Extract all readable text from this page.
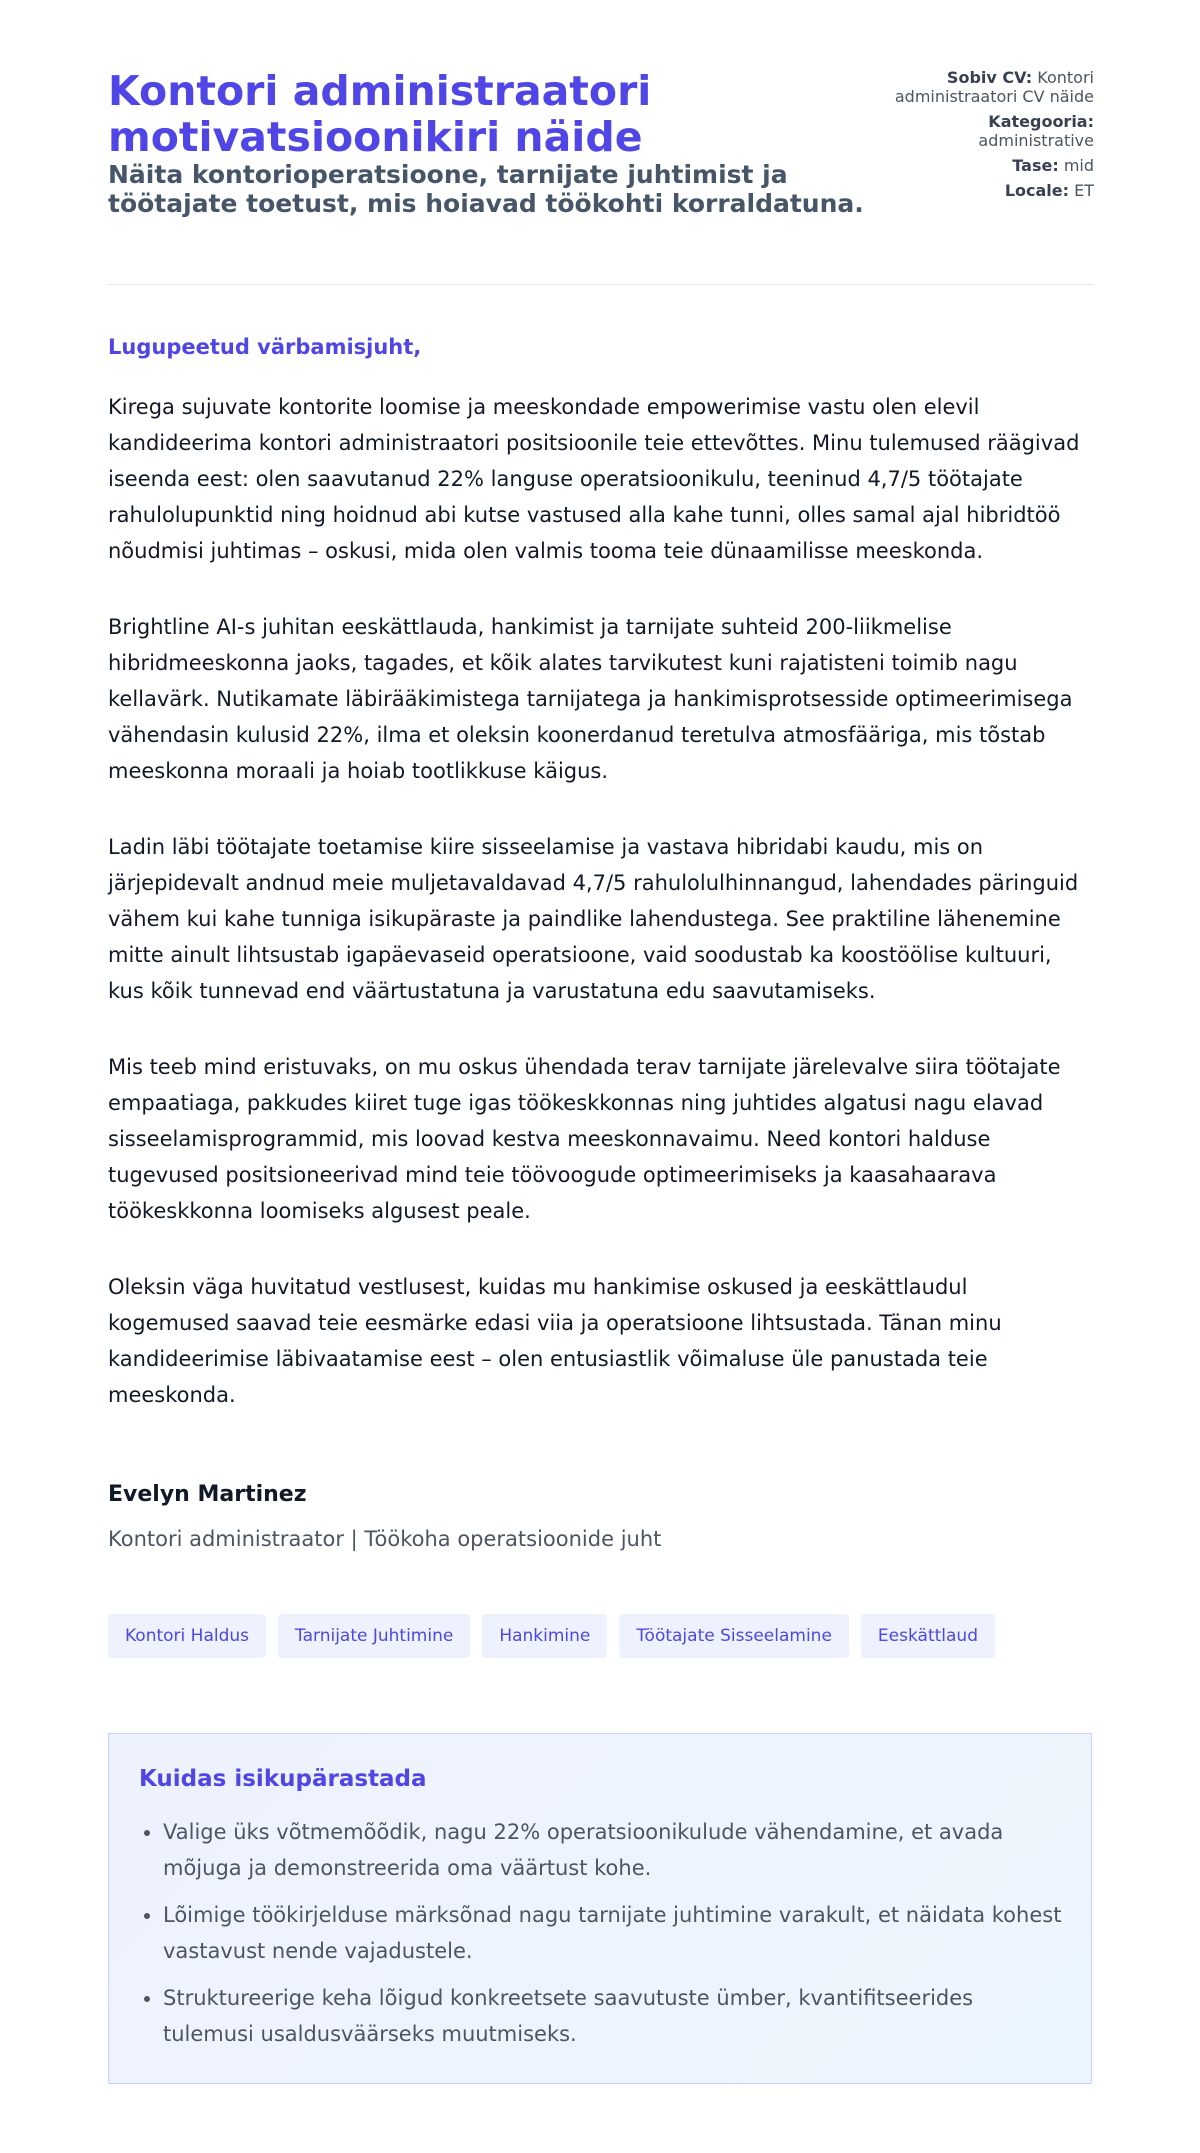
Kontori administraatori motivatsioonikiri näide

Näita kontorioperatsioone, tarnijate juhtimist ja töötajate toetust, mis hoiavad töökohti korraldatuna.

Sobiv CV: Kontori administraatori CV näide
Kategooria:
administrative
Tase: mid
Locale: ET

Lugupeetud värbamisjuht,

Kirega sujuvate kontorite loomise ja meeskondade empowerimise vastu olen elevil kandideerima kontori administraatori positsioonile teie ettevõttes. Minu tulemused räägivad iseenda eest: olen saavutanud 22% languse operatsioonikulu, teeninud 4,7/5 töötajate rahulolupunktid ning hoidnud abi kutse vastused alla kahe tunni, olles samal ajal hibridtöö nõudmisi juhtimas – oskusi, mida olen valmis tooma teie dünaamilisse meeskonda.

Brightline AI-s juhitan eeskättlauda, hankimist ja tarnijate suhteid 200-liikmelise hibridmeeskonna jaoks, tagades, et kõik alates tarvikutest kuni rajatisteni toimib nagu kellavärk. Nutikamate läbirääkimistega tarnijatega ja hankimisprotsesside optimeerimisega vähendasin kulusid 22%, ilma et oleksin koonerdanud teretulva atmosfääriga, mis tõstab meeskonna moraali ja hoiab tootlikkuse käigus.

Ladin läbi töötajate toetamise kiire sisseelamise ja vastava hibridabi kaudu, mis on järjepidevalt andnud meie muljetavaldavad 4,7/5 rahulolulhinnangud, lahendades päringuid vähem kui kahe tunniga isikupäraste ja paindlike lahendustega. See praktiline lähenemine mitte ainult lihtsustab igapäevaseid operatsioone, vaid soodustab ka koostöölise kultuuri, kus kõik tunnevad end väärtustatuna ja varustatuna edu saavutamiseks.

Mis teeb mind eristuvaks, on mu oskus ühendada terav tarnijate järelevalve siira töötajate empaatiaga, pakkudes kiiret tuge igas töökeskkonnas ning juhtides algatusi nagu elavad sisseelamisprogrammid, mis loovad kestva meeskonnavaimu. Need kontori halduse tugevused positsioneerivad mind teie töövoogude optimeerimiseks ja kaasahaarava töökeskkonna loomiseks algusest peale.

Oleksin väga huvitatud vestlusest, kuidas mu hankimise oskused ja eeskättlaudul kogemused saavad teie eesmärke edasi viia ja operatsioone lihtsustada. Tänan minu kandideerimise läbivaatamise eest – olen entusiastlik võimaluse üle panustada teie meeskonda.

Evelyn Martinez

Kontori administraator | Töökoha operatsioonide juht

Kontori Haldus	Tarnijate Juhtimine	Hankimine	Töötajate Sisseelamine	Eeskättlaud
Kuidas isikupärastada
• Valige üks võtmemõõdik, nagu 22% operatsioonikulude vähendamine, et avada mõjuga ja demonstreerida oma väärtust kohe.
• Lõimige töökirjelduse märksõnad nagu tarnijate juhtimine varakult, et näidata kohest vastavust nende vajadustele.
• Struktureerige keha lõigud konkreetsete saavutuste ümber, kvantifitseerides tulemusi usaldusväärseks muutmiseks.
